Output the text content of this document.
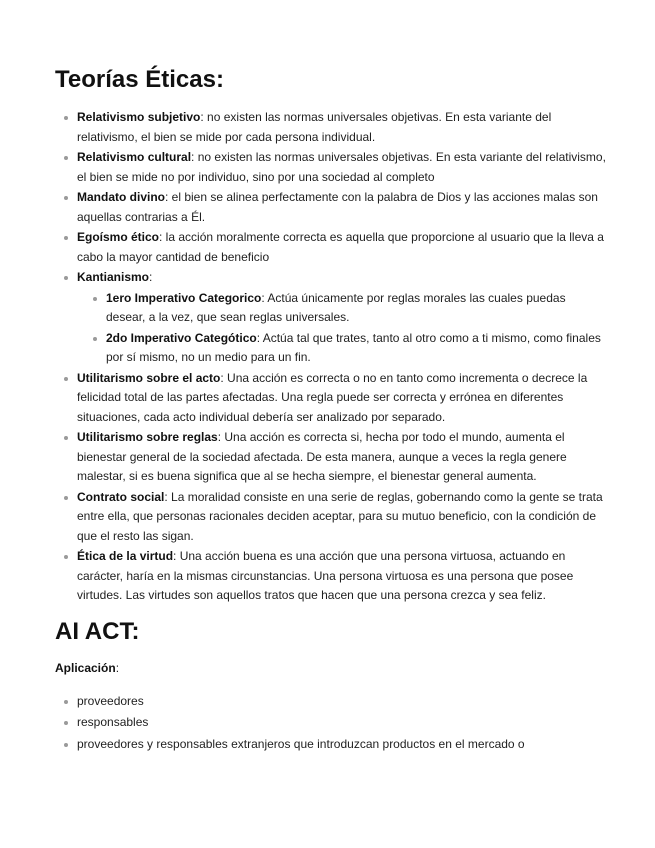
Teorías Éticas:
Relativismo subjetivo: no existen las normas universales objetivas. En esta variante del relativismo, el bien se mide por cada persona individual.
Relativismo cultural: no existen las normas universales objetivas. En esta variante del relativismo, el bien se mide no por individuo, sino por una sociedad al completo
Mandato divino: el bien se alinea perfectamente con la palabra de Dios y las acciones malas son aquellas contrarias a Él.
Egoísmo ético: la acción moralmente correcta es aquella que proporcione al usuario que la lleva a cabo la mayor cantidad de beneficio
Kantianismo:
1ero Imperativo Categorico: Actúa únicamente por reglas morales las cuales puedas desear, a la vez, que sean reglas universales.
2do Imperativo Categótico: Actúa tal que trates, tanto al otro como a ti mismo, como finales por sí mismo, no un medio para un fin.
Utilitarismo sobre el acto: Una acción es correcta o no en tanto como incrementa o decrece la felicidad total de las partes afectadas. Una regla puede ser correcta y errónea en diferentes situaciones, cada acto individual debería ser analizado por separado.
Utilitarismo sobre reglas: Una acción es correcta si, hecha por todo el mundo, aumenta el bienestar general de la sociedad afectada. De esta manera, aunque a veces la regla genere malestar, si es buena significa que al se hecha siempre, el bienestar general aumenta.
Contrato social: La moralidad consiste en una serie de reglas, gobernando como la gente se trata entre ella, que personas racionales deciden aceptar, para su mutuo beneficio, con la condición de que el resto las sigan.
Ética de la virtud: Una acción buena es una acción que una persona virtuosa, actuando en carácter, haría en la mismas circunstancias. Una persona virtuosa es una persona que posee virtudes. Las virtudes son aquellos tratos que hacen que una persona crezca y sea feliz.
AI ACT:

Aplicación:

proveedores
responsables
proveedores y responsables extranjeros que introduzcan productos en el mercado o
